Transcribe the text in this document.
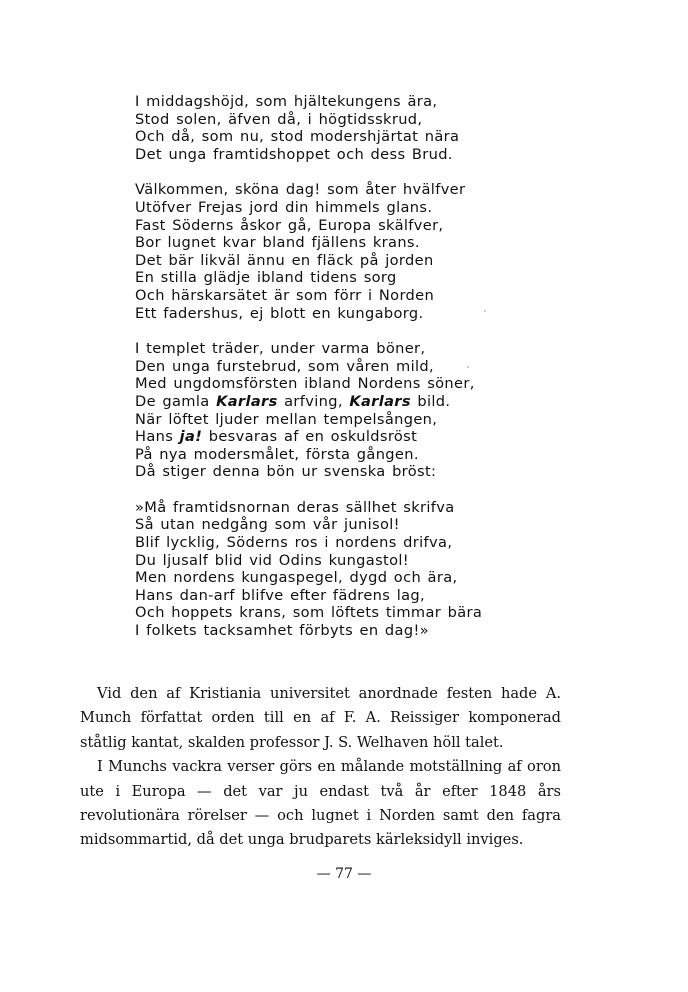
I middagshöjd, som hjältekungens ära,
Stod solen, äfven då, i högtidsskrud,
Och då, som nu, stod modershjärtat nära
Det unga framtidshoppet och dess Brud.
Välkommen, sköna dag! som åter hvälfver
Utöfver Frejas jord din himmels glans.
Fast Söderns åskor gå, Europa skälfver,
Bor lugnet kvar bland fjällens krans.
Det bär likväl ännu en fläck på jorden
En stilla glädje ibland tidens sorg
Och härskarsätet är som förr i Norden
Ett fadershus, ej blott en kungaborg.
I templet träder, under varma böner,
Den unga furstebrud, som våren mild,
Med ungdomsförsten ibland Nordens söner,
De gamla Karlars arfving, Karlars bild.
När löftet ljuder mellan tempelsången,
Hans ja! besvaras af en oskuldsröst
På nya modersmålet, första gången.
Då stiger denna bön ur svenska bröst:
»Må framtidsnornan deras sällhet skrifva
Så utan nedgång som vår junisol!
Blif lycklig, Söderns ros i nordens drifva,
Du ljusalf blid vid Odins kungastol!
Men nordens kungaspegel, dygd och ära,
Hans dan-arf blifve efter fädrens lag,
Och hoppets krans, som löftets timmar bära
I folkets tacksamhet förbyts en dag!»

Vid den af Kristiania universitet anordnade festen hade A. Munch författat orden till en af F. A. Reissiger komponerad ståtlig kantat, skalden professor J. S. Welhaven höll talet.

I Munchs vackra verser görs en målande motställning af oron ute i Europa — det var ju endast två år efter 1848 års revolutionära rörelser — och lugnet i Norden samt den fagra midsommartid, då det unga brudparets kärleksidyll inviges.

— 77 —
